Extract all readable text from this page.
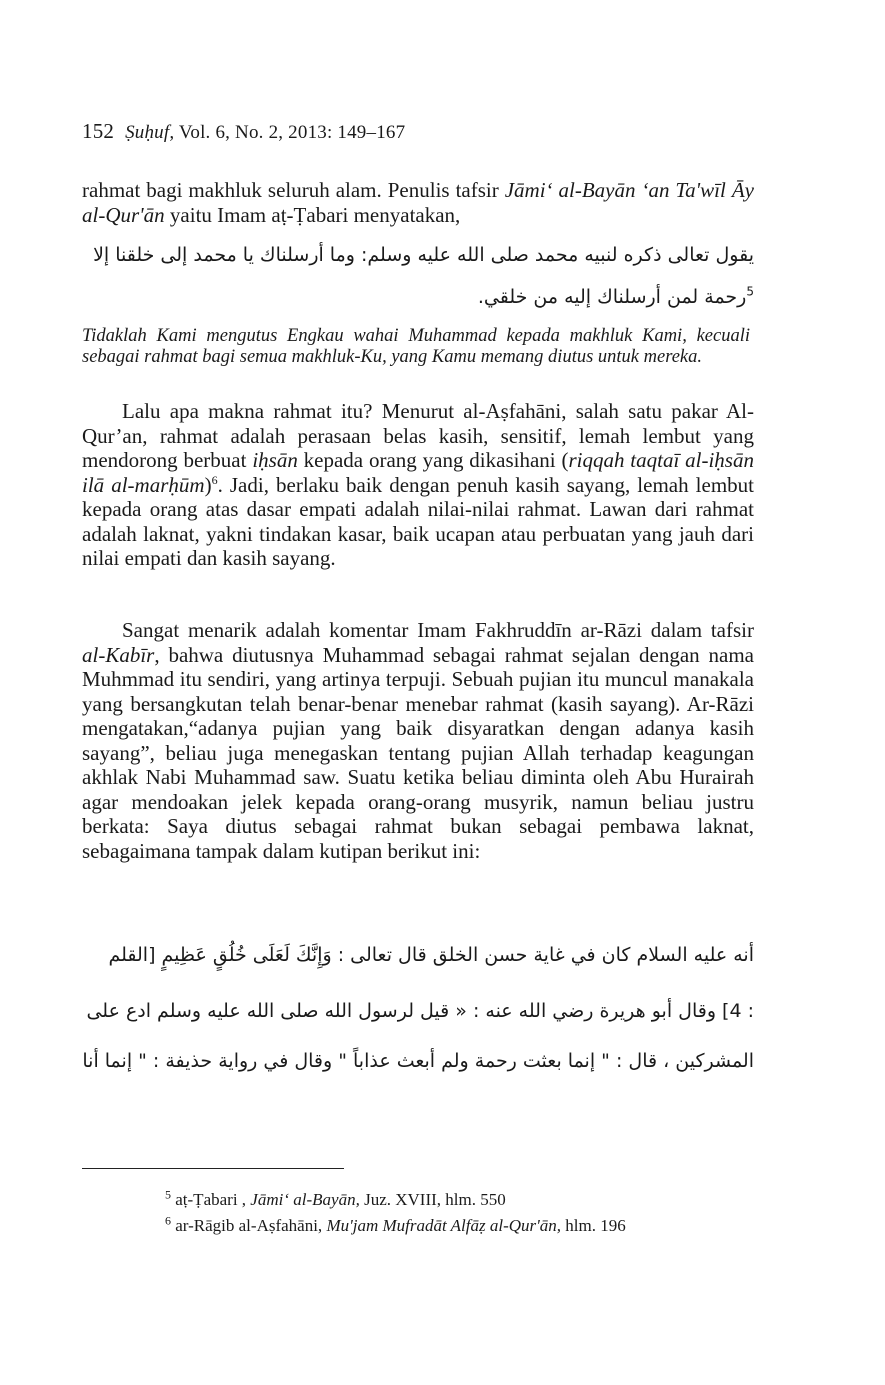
152 Ṣuḥuf, Vol. 6, No. 2, 2013: 149–167

rahmat bagi makhluk seluruh alam. Penulis tafsir Jāmi‘ al-Bayān ‘an Ta'wīl Āy al-Qur'ān yaitu Imam aṭ-Ṭabari menyatakan,

يقول تعالى ذكره لنبيه محمد صلى الله عليه وسلم: وما أرسلناك يا محمد إلى خلقنا إلا
$^5$رحمة لمن أرسلناك إليه من خلقي.
Tidaklah Kami mengutus Engkau wahai Muhammad kepada makhluk Kami, kecuali sebagai rahmat bagi semua makhluk-Ku, yang Kamu memang diutus untuk mereka.

Lalu apa makna rahmat itu? Menurut al-Aṣfahāni, salah satu pakar Al-Qur’an, rahmat adalah perasaan belas kasih, sensitif, lemah lembut yang mendorong berbuat iḥsān kepada orang yang dikasihani (riqqah taqtaī al-iḥsān ilā al-marḥūm)$^6$. Jadi, berlaku baik dengan penuh kasih sayang, lemah lembut kepada orang atas dasar empati adalah nilai-nilai rahmat. Lawan dari rahmat adalah laknat, yakni tindakan kasar, baik ucapan atau perbuatan yang jauh dari nilai empati dan kasih sayang.

Sangat menarik adalah komentar Imam Fakhruddīn ar-Rāzi dalam tafsir al-Kabīr, bahwa diutusnya Muhammad sebagai rahmat sejalan dengan nama Muhmmad itu sendiri, yang artinya terpuji. Sebuah pujian itu muncul manakala yang bersangkutan telah benar-benar menebar rahmat (kasih sayang). Ar-Rāzi mengatakan,“adanya pujian yang baik disyaratkan dengan adanya kasih sayang”, beliau juga menegaskan tentang pujian Allah terhadap keagungan akhlak Nabi Muhammad saw. Suatu ketika beliau diminta oleh Abu Hurairah agar mendoakan jelek kepada orang-orang musyrik, namun beliau justru berkata: Saya diutus sebagai rahmat bukan sebagai pembawa laknat, sebagaimana tampak dalam kutipan berikut ini:

أنه عليه السلام كان في غاية حسن الخلق قال تعالى : وَإِنَّكَ لَعَلَى خُلُقٍ عَظِيمٍ [القلم
: 4] وقال أبو هريرة رضي الله عنه : « قيل لرسول الله صلى الله عليه وسلم ادع على
المشركين ، قال : " إنما بعثت رحمة ولم أبعث عذاباً " وقال في رواية حذيفة : " إنما أنا
$^5$ aṭ-Ṭabari , Jāmi‘ al-Bayān, Juz. XVIII, hlm. 550
$^6$ ar-Rāgib al-Aṣfahāni, Mu'jam Mufradāt Alfāẓ al-Qur'ān, hlm. 196
